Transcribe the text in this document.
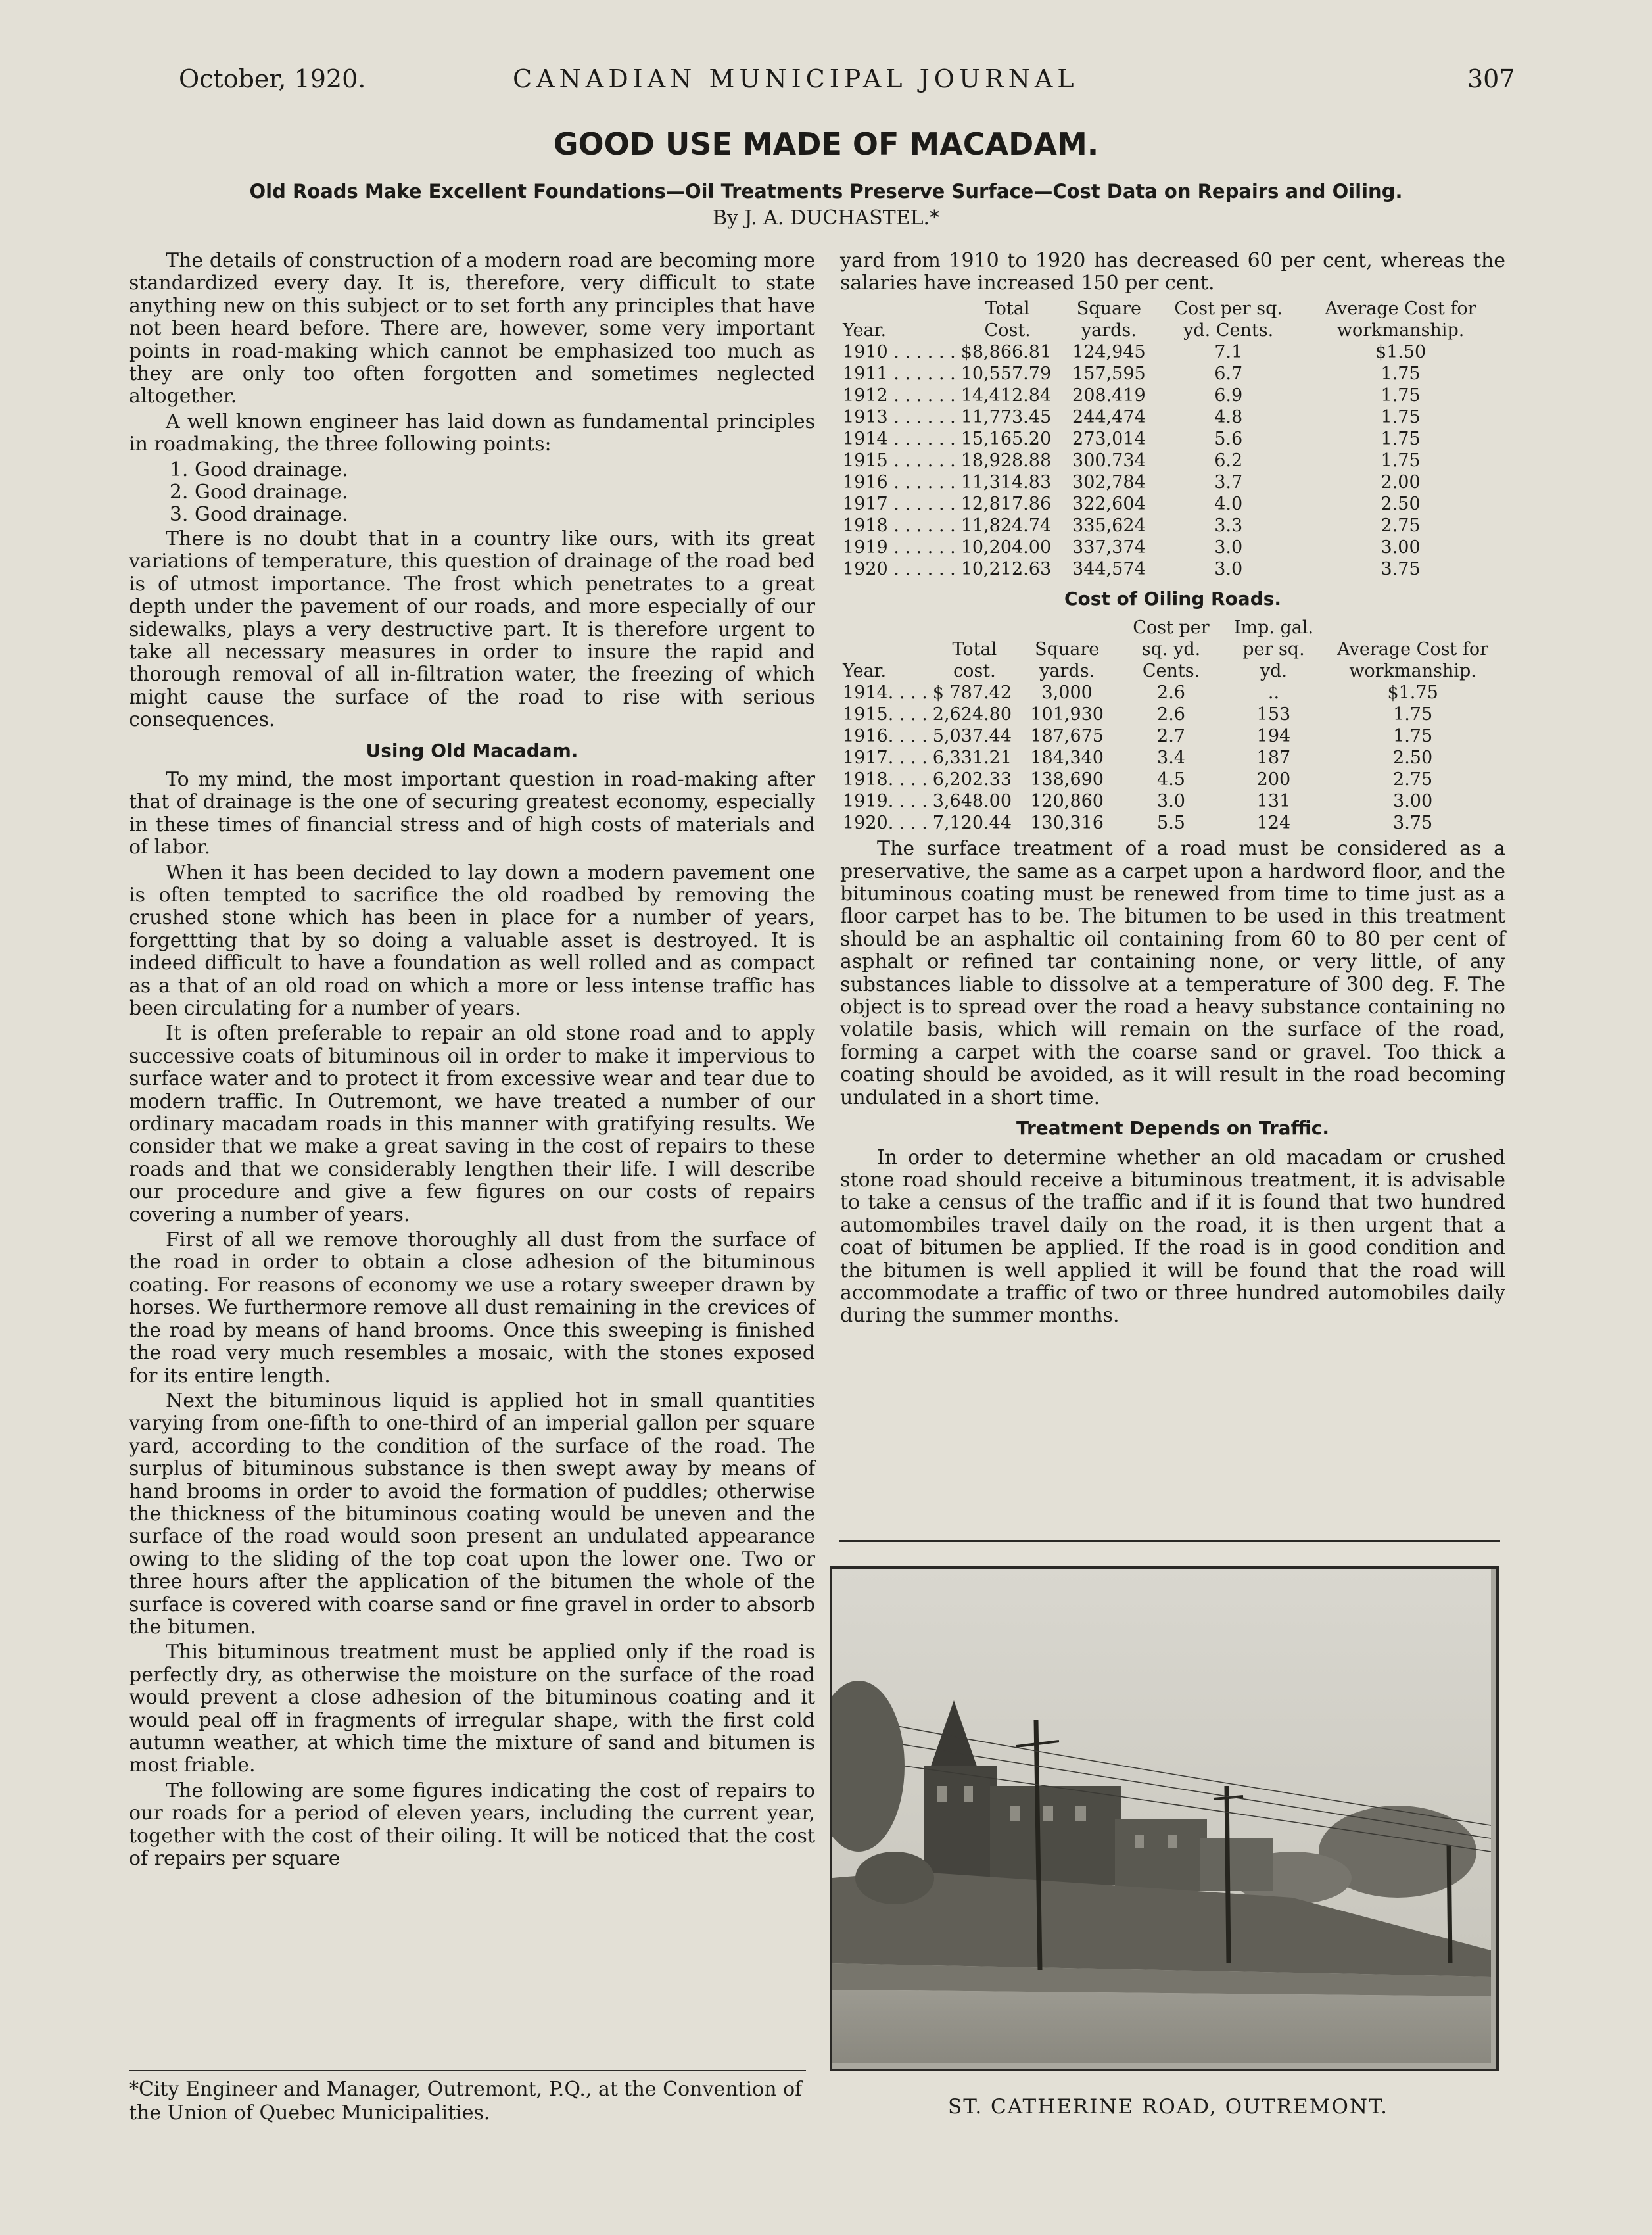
October, 1920.	CANADIAN MUNICIPAL JOURNAL	307
GOOD USE MADE OF MACADAM.
Old Roads Make Excellent Foundations—Oil Treatments Preserve Surface—Cost Data on Repairs and Oiling.
By J. A. DUCHASTEL.*

The details of construction of a modern road are becoming more standardized every day. It is, therefore, very difficult to state anything new on this subject or to set forth any principles that have not been heard before. There are, however, some very important points in road-making which cannot be emphasized too much as they are only too often forgotten and sometimes neglected altogether.

A well known engineer has laid down as fundamental principles in roadmaking, the three following points:

1. Good drainage.
2. Good drainage.
3. Good drainage.

There is no doubt that in a country like ours, with its great variations of temperature, this question of drainage of the road bed is of utmost importance. The frost which penetrates to a great depth under the pavement of our roads, and more especially of our sidewalks, plays a very destructive part. It is therefore urgent to take all necessary measures in order to insure the rapid and thorough removal of all in-filtration water, the freezing of which might cause the surface of the road to rise with serious consequences.

Using Old Macadam.

To my mind, the most important question in road-making after that of drainage is the one of securing greatest economy, especially in these times of financial stress and of high costs of materials and of labor.

When it has been decided to lay down a modern pavement one is often tempted to sacrifice the old roadbed by removing the crushed stone which has been in place for a number of years, forgettting that by so doing a valuable asset is destroyed. It is indeed difficult to have a foundation as well rolled and as compact as a that of an old road on which a more or less intense traffic has been circulating for a number of years.

It is often preferable to repair an old stone road and to apply successive coats of bituminous oil in order to make it impervious to surface water and to protect it from excessive wear and tear due to modern traffic. In Outremont, we have treated a number of our ordinary macadam roads in this manner with gratifying results. We consider that we make a great saving in the cost of repairs to these roads and that we considerably lengthen their life. I will describe our procedure and give a few figures on our costs of repairs covering a number of years.

First of all we remove thoroughly all dust from the surface of the road in order to obtain a close adhesion of the bituminous coating. For reasons of economy we use a rotary sweeper drawn by horses. We furthermore remove all dust remaining in the crevices of the road by means of hand brooms. Once this sweeping is finished the road very much resembles a mosaic, with the stones exposed for its entire length.

Next the bituminous liquid is applied hot in small quantities varying from one-fifth to one-third of an imperial gallon per square yard, according to the condition of the surface of the road. The surplus of bituminous substance is then swept away by means of hand brooms in order to avoid the formation of puddles; otherwise the thickness of the bituminous coating would be uneven and the surface of the road would soon present an undulated appearance owing to the sliding of the top coat upon the lower one. Two or three hours after the application of the bitumen the whole of the surface is covered with coarse sand or fine gravel in order to absorb the bitumen.

This bituminous treatment must be applied only if the road is perfectly dry, as otherwise the moisture on the surface of the road would prevent a close adhesion of the bituminous coating and it would peal off in fragments of irregular shape, with the first cold autumn weather, at which time the mixture of sand and bitumen is most friable.

The following are some figures indicating the cost of repairs to our roads for a period of eleven years, including the current year, together with the cost of their oiling. It will be noticed that the cost of repairs per square

yard from 1910 to 1920 has decreased 60 per cent, whereas the salaries have increased 150 per cent.

Year.	Total Cost.	Square yards.	Cost per sq. yd. Cents.	Average Cost for workmanship.
1910 . . . . . .	$8,866.81	124,945	7.1	$1.50
1911 . . . . . .	10,557.79	157,595	6.7	1.75
1912 . . . . . .	14,412.84	208.419	6.9	1.75
1913 . . . . . .	11,773.45	244,474	4.8	1.75
1914 . . . . . .	15,165.20	273,014	5.6	1.75
1915 . . . . . .	18,928.88	300.734	6.2	1.75
1916 . . . . . .	11,314.83	302,784	3.7	2.00
1917 . . . . . .	12,817.86	322,604	4.0	2.50
1918 . . . . . .	11,824.74	335,624	3.3	2.75
1919 . . . . . .	10,204.00	337,374	3.0	3.00
1920 . . . . . .	10,212.63	344,574	3.0	3.75
Cost of Oiling Roads.
Year.	Total cost.	Square yards.	Cost per sq. yd. Cents.	Imp. gal. per sq. yd.	Average Cost for workmanship.
1914. . . .	$ 787.42	3,000	2.6	..	$1.75
1915. . . .	2,624.80	101,930	2.6	153	1.75
1916. . . .	5,037.44	187,675	2.7	194	1.75
1917. . . .	6,331.21	184,340	3.4	187	2.50
1918. . . .	6,202.33	138,690	4.5	200	2.75
1919. . . .	3,648.00	120,860	3.0	131	3.00
1920. . . .	7,120.44	130,316	5.5	124	3.75

The surface treatment of a road must be considered as a preservative, the same as a carpet upon a hardword floor, and the bituminous coating must be renewed from time to time just as a floor carpet has to be. The bitumen to be used in this treatment should be an asphaltic oil containing from 60 to 80 per cent of asphalt or refined tar containing none, or very little, of any substances liable to dissolve at a temperature of 300 deg. F. The object is to spread over the road a heavy substance containing no volatile basis, which will remain on the surface of the road, forming a carpet with the coarse sand or gravel. Too thick a coating should be avoided, as it will result in the road becoming undulated in a short time.

Treatment Depends on Traffic.

In order to determine whether an old macadam or crushed stone road should receive a bituminous treatment, it is advisable to take a census of the traffic and if it is found that two hundred automombiles travel daily on the road, it is then urgent that a coat of bitumen be applied. If the road is in good condition and the bitumen is well applied it will be found that the road will accommodate a traffic of two or three hundred automobiles daily during the summer months.

ST. CATHERINE ROAD, OUTREMONT.
*City Engineer and Manager, Outremont, P.Q., at the Convention of the Union of Quebec Municipalities.
